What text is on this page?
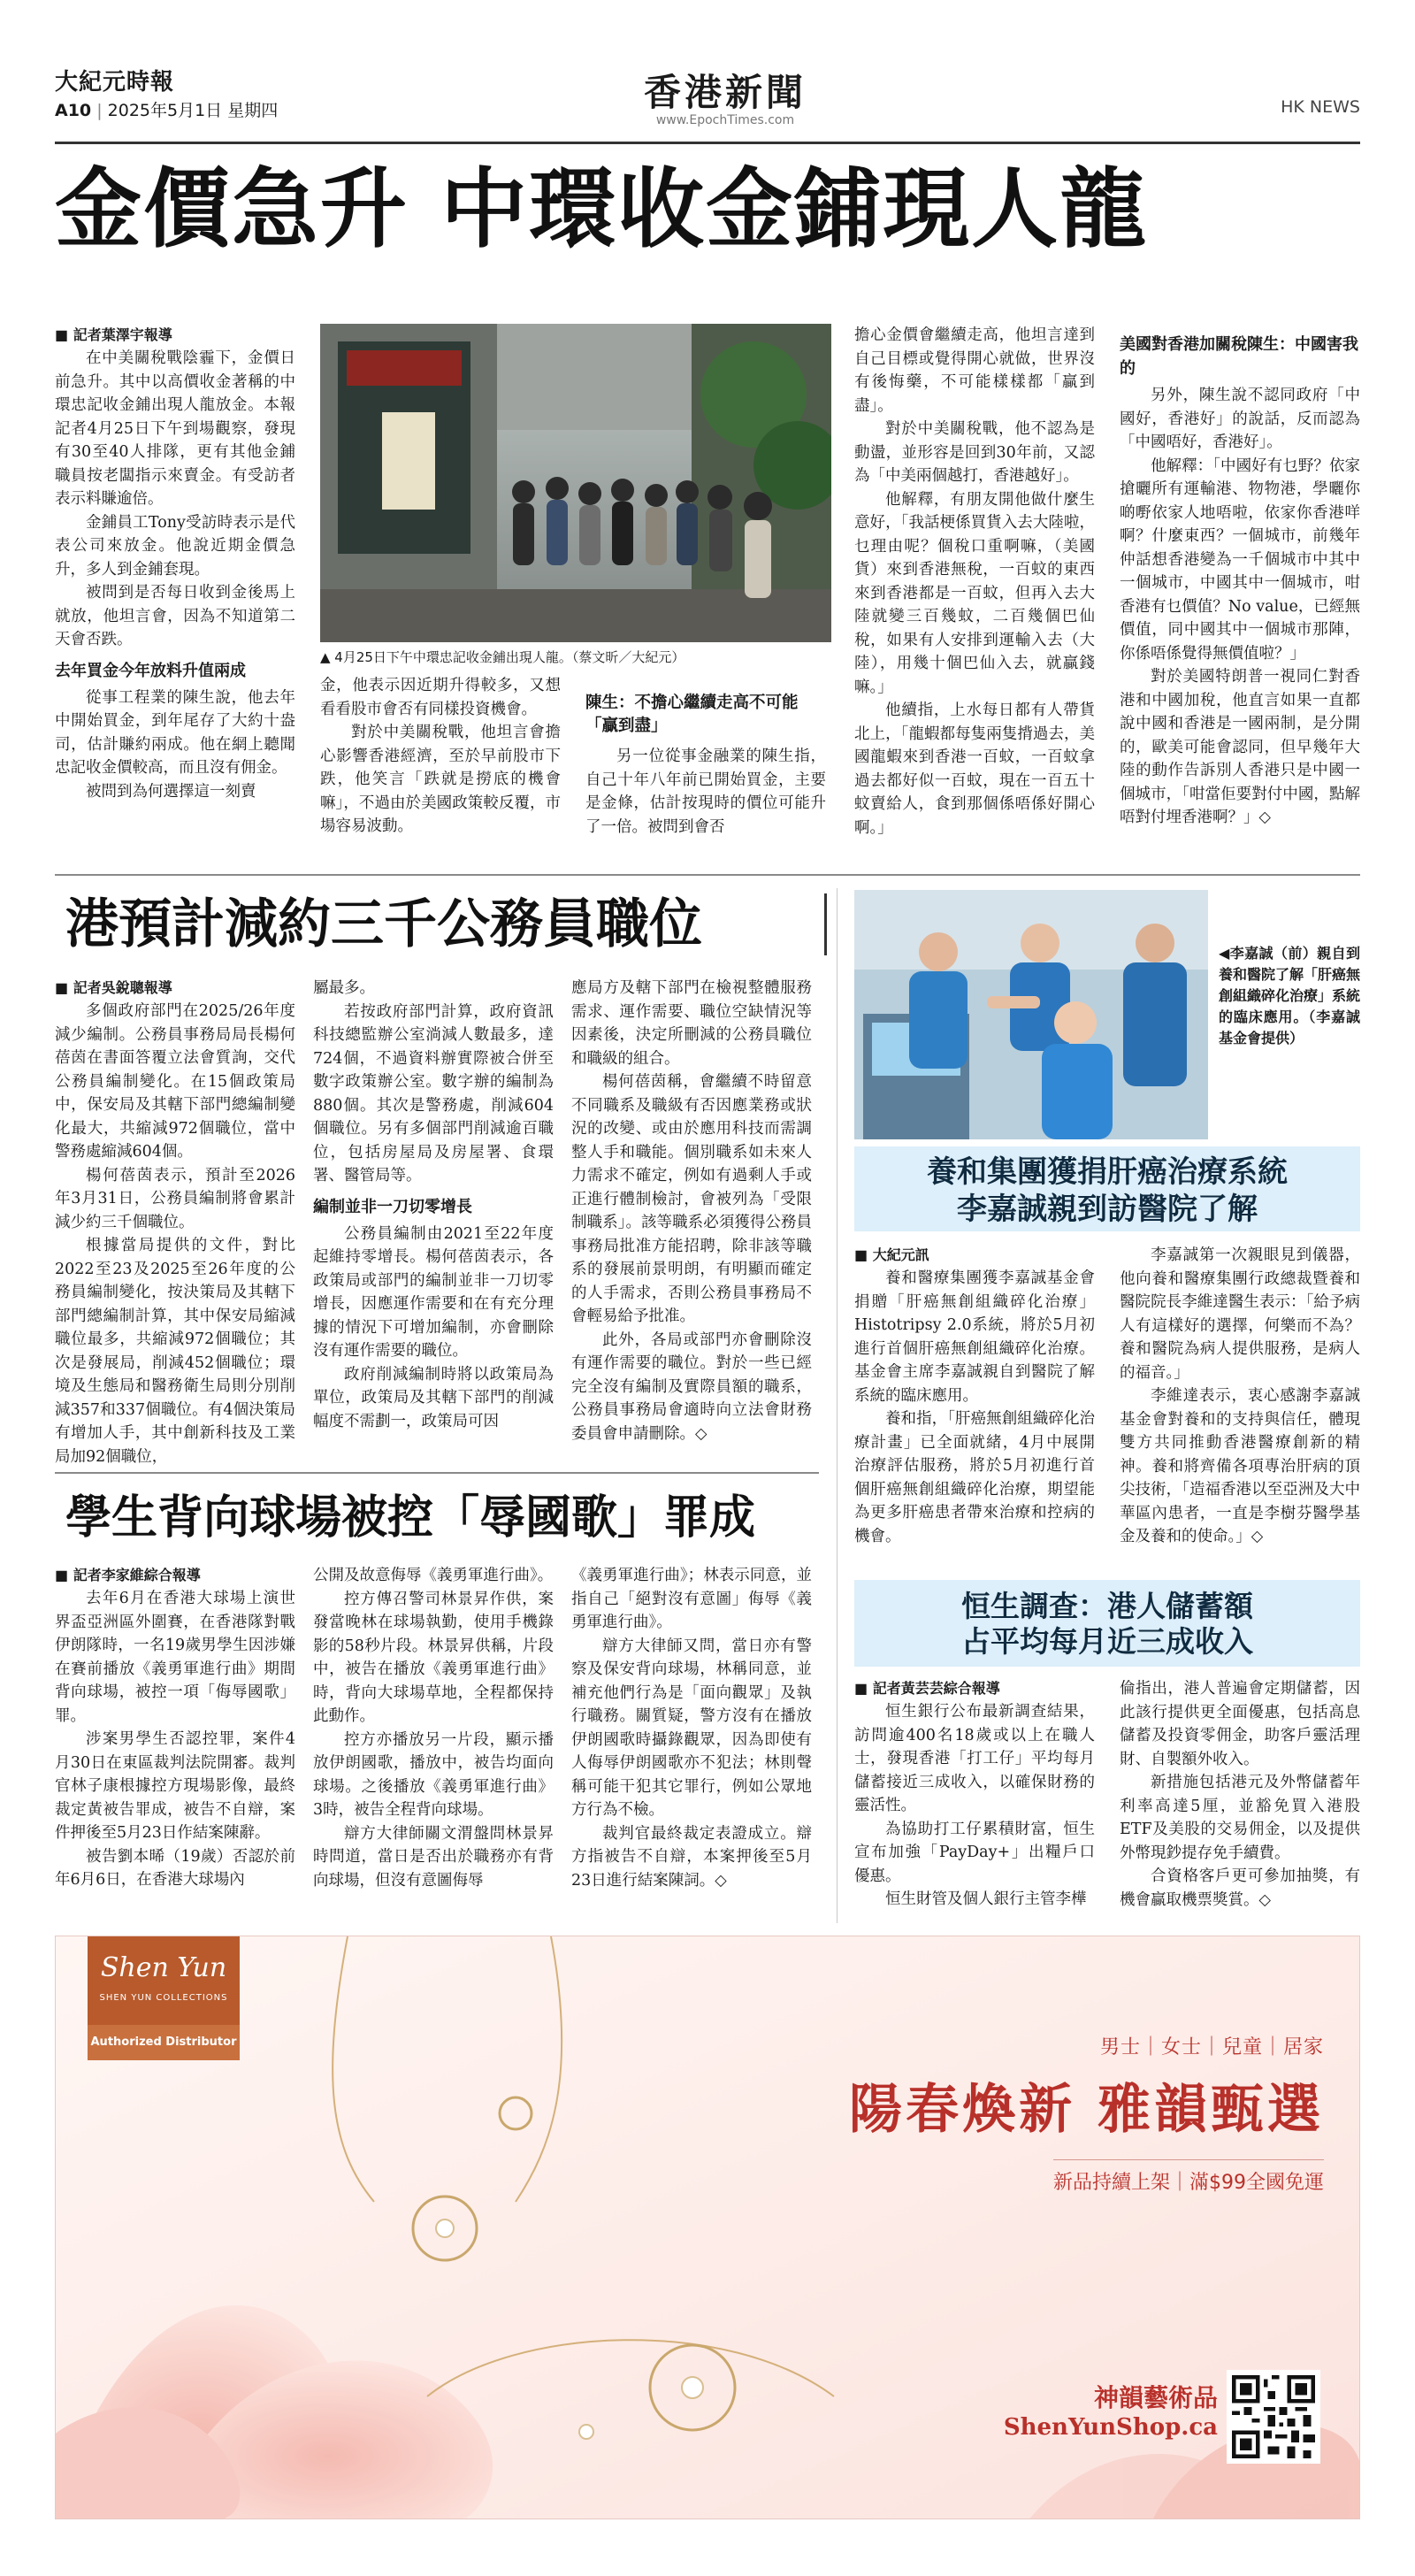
大紀元時報
A10 | 2025年5月1日 星期四	香港新聞
www.EpochTimes.com
HK NEWS
金價急升 中環收金鋪現人龍
■ 記者葉澤宇報導

在中美關稅戰陰霾下，金價日前急升。其中以高價收金著稱的中環忠記收金鋪出現人龍放金。本報記者4月25日下午到場觀察，發現有30至40人排隊，更有其他金鋪職員按老闆指示來賣金。有受訪者表示料賺逾倍。

金鋪員工Tony受訪時表示是代表公司來放金。他說近期金價急升，多人到金鋪套現。

被問到是否每日收到金後馬上就放，他坦言會，因為不知道第二天會否跌。

去年買金今年放料升值兩成

從事工程業的陳生說，他去年中開始買金，到年尾存了大約十盎司，估計賺約兩成。他在網上聽聞忠記收金價較高，而且沒有佣金。

被問到為何選擇這一刻賣

▲ 4月25日下午中環忠記收金鋪出現人龍。（蔡文昕／大紀元）

金，他表示因近期升得較多，又想看看股市會否有同樣投資機會。

對於中美關稅戰，他坦言會擔心影響香港經濟，至於早前股市下跌，他笑言「跌就是撈底的機會嘛」，不過由於美國政策較反覆，市場容易波動。

陳生：不擔心繼續走高不可能「贏到盡」

另一位從事金融業的陳生指，自己十年八年前已開始買金，主要是金條，估計按現時的價位可能升了一倍。被問到會否

擔心金價會繼續走高，他坦言達到自己目標或覺得開心就做，世界沒有後悔藥，不可能樣樣都「贏到盡」。

對於中美關稅戰，他不認為是動盪，並形容是回到30年前，又認為「中美兩個越打，香港越好」。

他解釋，有朋友開他做什麼生意好，「我話梗係買貨入去大陸啦，乜理由呢？個稅口重啊嘛，（美國貨）來到香港無稅，一百蚊的東西來到香港都是一百蚊，但再入去大陸就變三百幾蚊，二百幾個巴仙稅，如果有人安排到運輸入去（大陸），用幾十個巴仙入去，就贏錢嘛。」

他續指，上水每日都有人帶貨北上，「龍蝦都每隻兩隻揹過去，美國龍蝦來到香港一百蚊，一百蚊拿過去都好似一百蚊，現在一百五十蚊賣給人，食到那個係唔係好開心啊。」

美國對香港加關稅陳生：中國害我的

另外，陳生說不認同政府「中國好，香港好」的說話，反而認為「中國唔好，香港好」。

他解釋：「中國好有乜野？依家搶曬所有運輸港、物物港，學曬你啲嘢依家人地唔啦，依家你香港咩啊？什麼東西？一個城市，前幾年仲話想香港變為一千個城市中其中一個城市，中國其中一個城市，咁香港有乜價值？No value，已經無價值，同中國其中一個城市那陣，你係唔係覺得無價值啦？」

對於美國特朗普一視同仁對香港和中國加稅，他直言如果一直都說中國和香港是一國兩制，是分開的，歐美可能會認同，但早幾年大陸的動作告訴別人香港只是中國一個城市，「咁當佢要對付中國，點解唔對付埋香港啊？」◇

港預計減約三千公務員職位
■ 記者吳銳聰報導

多個政府部門在2025/26年度減少編制。公務員事務局局長楊何蓓茵在書面答覆立法會質詢，交代公務員編制變化。在15個政策局中，保安局及其轄下部門總編制變化最大，共縮減972個職位，當中警務處縮減604個。

楊何蓓茵表示，預計至2026年3月31日，公務員編制將會累計減少約三千個職位。

根據當局提供的文件，對比2022至23及2025至26年度的公務員編制變化，按決策局及其轄下部門總編制計算，其中保安局縮減職位最多，共縮減972個職位；其次是發展局，削減452個職位；環境及生態局和醫務衛生局則分別削減357和337個職位。有4個決策局有增加人手，其中創新科技及工業局加92個職位，

屬最多。

若按政府部門計算，政府資訊科技總監辦公室淌減人數最多，達724個，不過資料辦實際被合併至數字政策辦公室。數字辦的編制為880個。其次是警務處，削減604個職位。另有多個部門削減逾百職位，包括房屋局及房屋署、食環署、醫管局等。

編制並非一刀切零增長

公務員編制由2021至22年度起維持零增長。楊何蓓茵表示，各政策局或部門的編制並非一刀切零增長，因應運作需要和在有充分理據的情況下可增加編制，亦會刪除沒有運作需要的職位。

政府削減編制時將以政策局為單位，政策局及其轄下部門的削減幅度不需劃一，政策局可因

應局方及轄下部門在檢視整體服務需求、運作需要、職位空缺情況等因素後，決定所刪減的公務員職位和職級的組合。

楊何蓓茵稱，會繼續不時留意不同職系及職級有否因應業務或狀況的改變、或由於應用科技而需調整人手和職能。個別職系如未來人力需求不確定，例如有過剩人手或正進行體制檢討，會被列為「受限制職系」。該等職系必須獲得公務員事務局批准方能招聘，除非該等職系的發展前景明朗，有明顯而確定的人手需求，否則公務員事務局不會輕易給予批准。

此外，各局或部門亦會刪除沒有運作需要的職位。對於一些已經完全沒有編制及實際員額的職系，公務員事務局會適時向立法會財務委員會申請刪除。◇

學生背向球場被控「辱國歌」罪成
■ 記者李家維綜合報導

去年6月在香港大球場上演世界盃亞洲區外圍賽，在香港隊對戰伊朗隊時，一名19歲男學生因涉嫌在賽前播放《義勇軍進行曲》期間背向球場，被控一項「侮辱國歌」罪。

涉案男學生否認控罪，案件4月30日在東區裁判法院開審。裁判官林子康根據控方現場影像，最終裁定黃被告罪成，被告不自辯，案件押後至5月23日作結案陳辭。

被告劉本晞（19歲）否認於前年6月6日，在香港大球場內

公開及故意侮辱《義勇軍進行曲》。

控方傳召警司林景昇作供，案發當晚林在球場執勤，使用手機錄影的58秒片段。林景昇供稱，片段中，被告在播放《義勇軍進行曲》時，背向大球場草地，全程都保持此動作。

控方亦播放另一片段，顯示播放伊朗國歌，播放中，被告均面向球場。之後播放《義勇軍進行曲》3時，被告全程背向球場。

辯方大律師關文渭盤問林景昇時問道，當日是否出於職務亦有背向球場，但沒有意圖侮辱

《義勇軍進行曲》；林表示同意，並指自己「絕對沒有意圖」侮辱《義勇軍進行曲》。

辯方大律師又問，當日亦有警察及保安背向球場，林稱同意，並補充他們行為是「面向觀眾」及執行職務。關質疑，警方沒有在播放伊朗國歌時攝錄觀眾，因為即使有人侮辱伊朗國歌亦不犯法；林則聲稱可能干犯其它罪行，例如公眾地方行為不檢。

裁判官最終裁定表證成立。辯方指被告不自辯，本案押後至5月23日進行結案陳詞。◇

◀李嘉誠（前）親自到養和醫院了解「肝癌無創組織碎化治療」系統的臨床應用。（李嘉誠基金會提供）
養和集團獲捐肝癌治療系統
李嘉誠親到訪醫院了解
■ 大紀元訊

養和醫療集團獲李嘉誠基金會捐贈「肝癌無創組織碎化治療」Histotripsy 2.0系統，將於5月初進行首個肝癌無創組織碎化治療。基金會主席李嘉誠親自到醫院了解系統的臨床應用。

養和指，「肝癌無創組織碎化治療計畫」已全面就緒，4月中展開治療評估服務，將於5月初進行首個肝癌無創組織碎化治療，期望能為更多肝癌患者帶來治療和控病的機會。

李嘉誠第一次親眼見到儀器，他向養和醫療集團行政總裁暨養和醫院院長李維達醫生表示：「給予病人有這樣好的選擇，何樂而不為？養和醫院為病人提供服務，是病人的福音。」

李維達表示，衷心感謝李嘉誠基金會對養和的支持與信任，體現雙方共同推動香港醫療創新的精神。養和將齊備各項專治肝病的頂尖技術，「造福香港以至亞洲及大中華區內患者，一直是李樹芬醫學基金及養和的使命。」◇

恒生調查：港人儲蓄額
占平均每月近三成收入
■ 記者黃芸芸綜合報導

恒生銀行公布最新調查結果，訪問逾400名18歲或以上在職人士，發現香港「打工仔」平均每月儲蓄接近三成收入，以確保財務的靈活性。

為協助打工仔累積財富，恒生宣布加強「PayDay+」出糧戶口優惠。

恒生財管及個人銀行主管李樺

倫指出，港人普遍會定期儲蓄，因此該行提供更全面優惠，包括高息儲蓄及投資零佣金，助客戶靈活理財、自製額外收入。

新措施包括港元及外幣儲蓄年利率高達5厘，並豁免買入港股ETF及美股的交易佣金，以及提供外幣現鈔提存免手續費。

合資格客戶更可參加抽獎，有機會贏取機票獎賞。◇

Shen Yun
SHEN YUN COLLECTIONS
Authorized Distributor	男士｜女士｜兒童｜居家
陽春煥新 雅韻甄選
新品持續上架｜滿$99全國免運
神韻藝術品
ShenYunShop.ca
